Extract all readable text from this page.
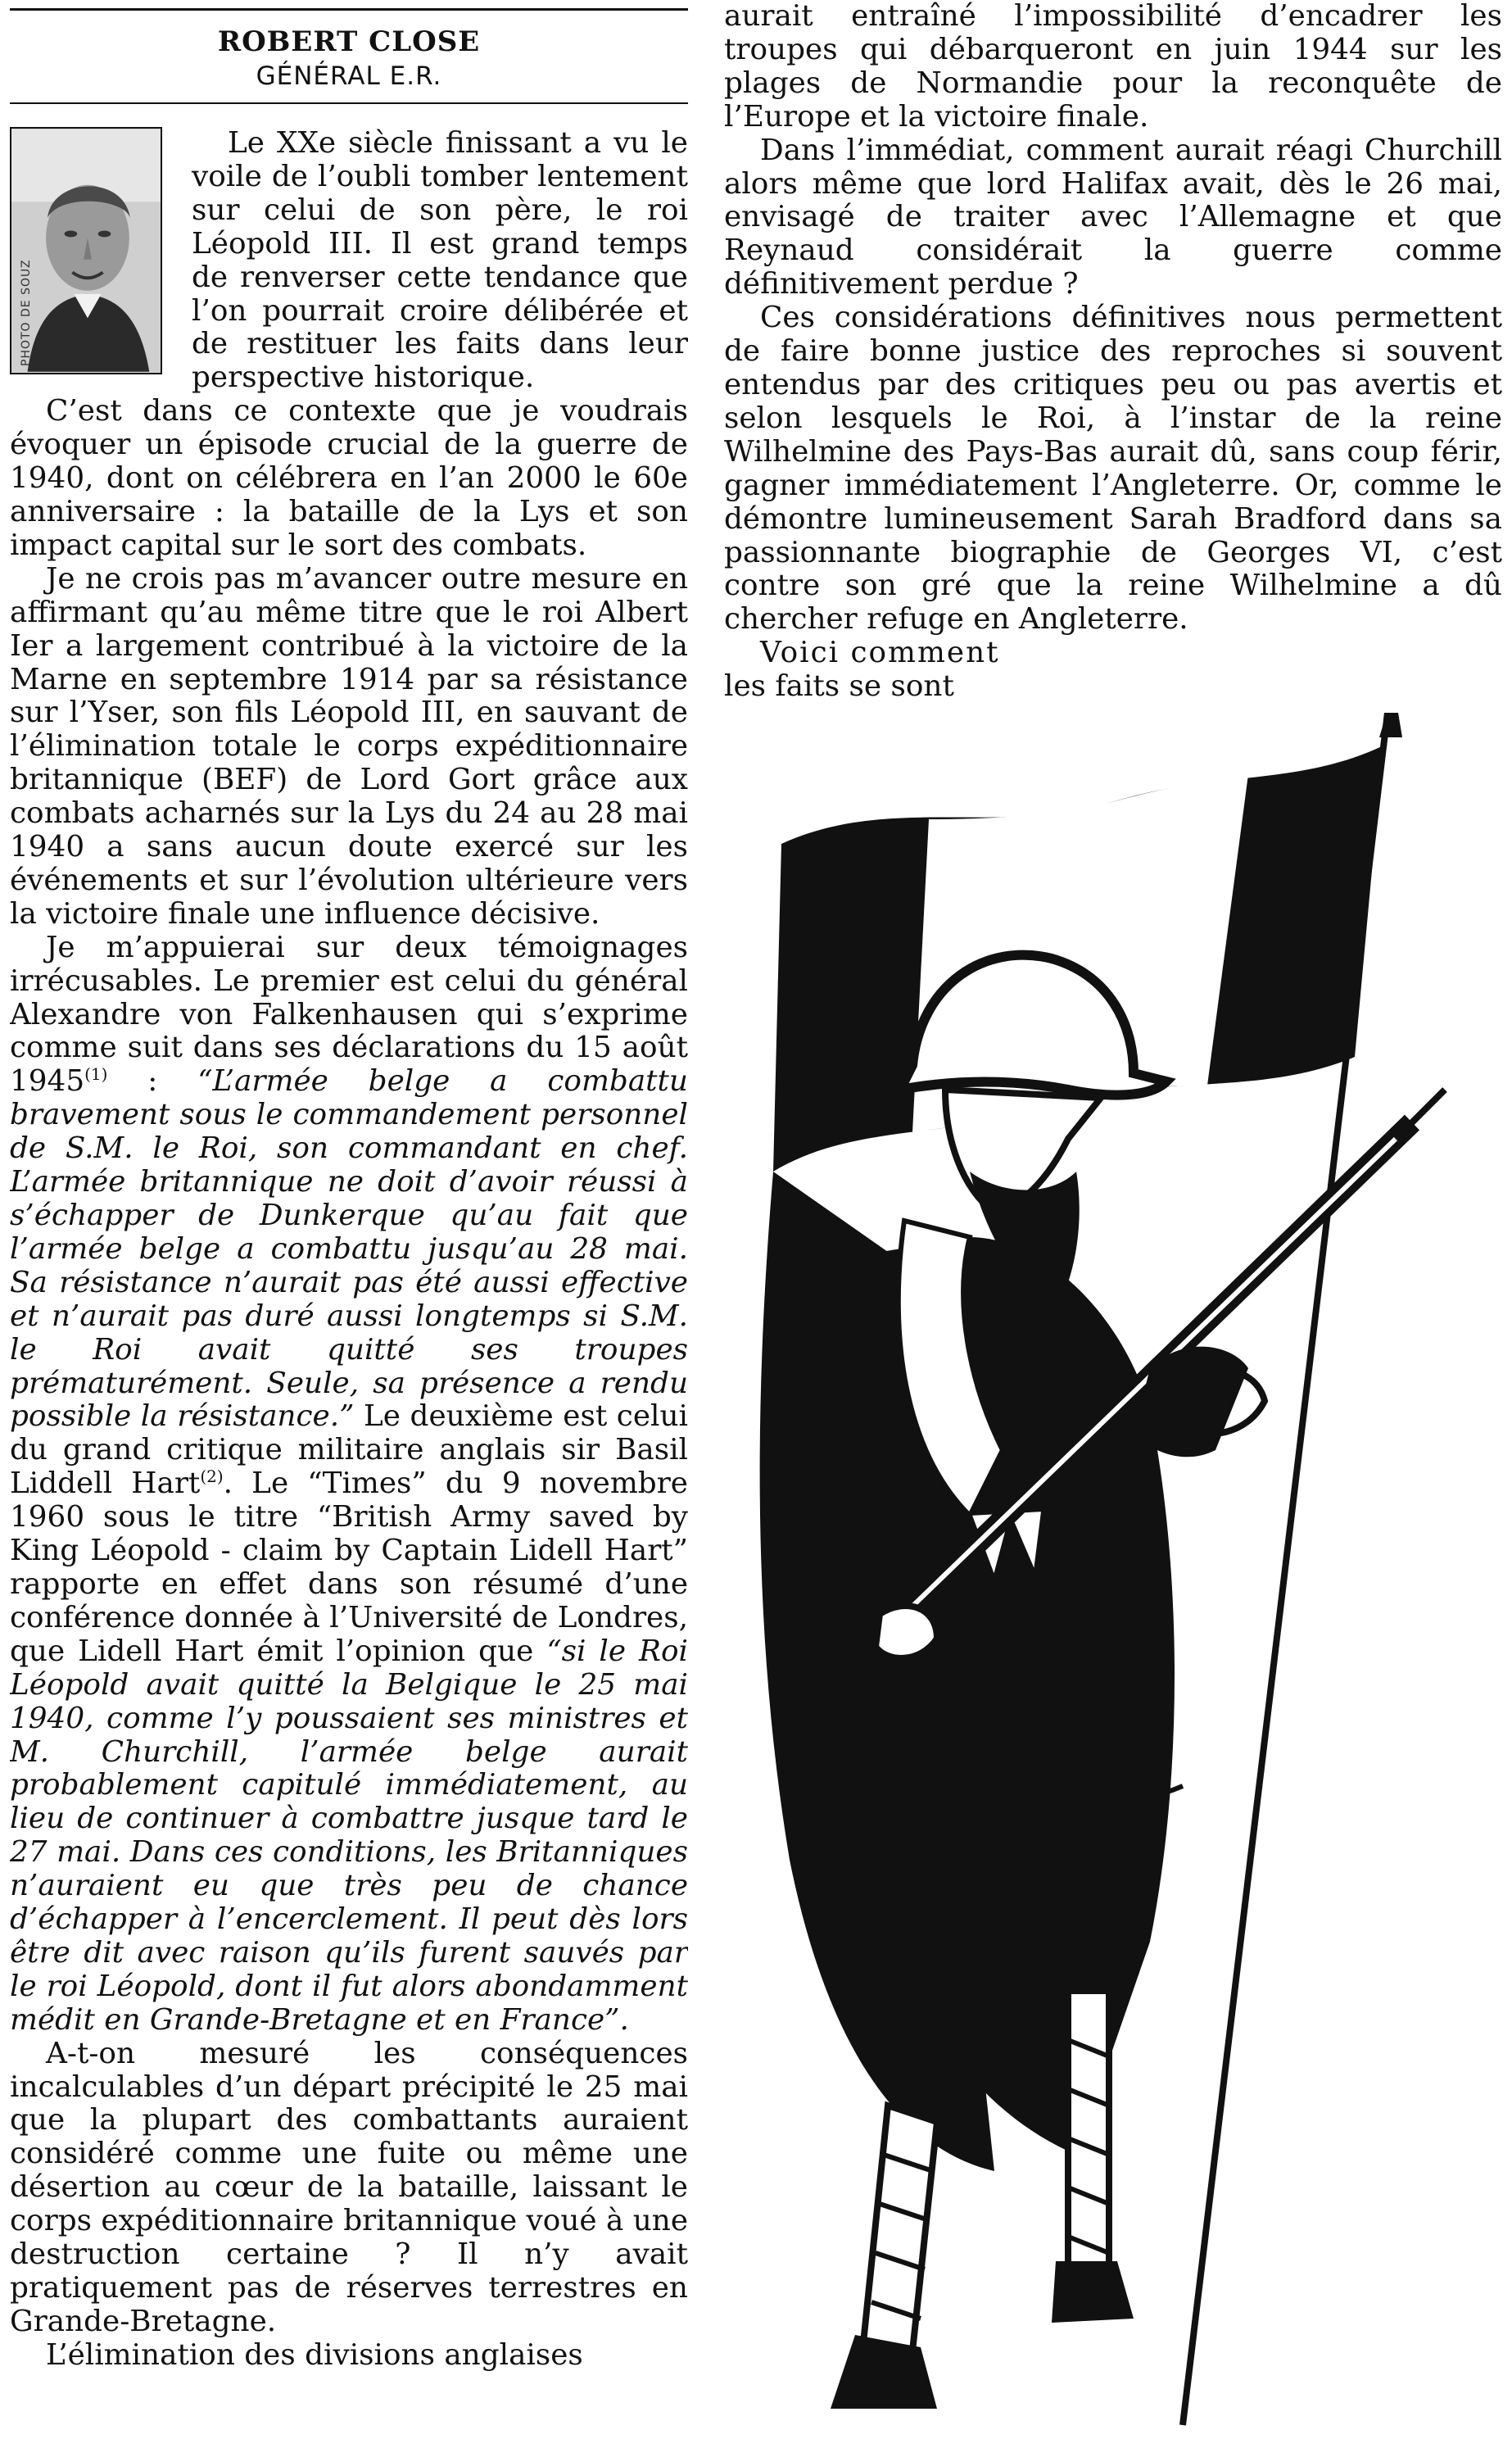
ROBERT CLOSE
GÉNÉRAL E.R.
PHOTO DE SOUZ

Le XXe siècle finissant a vu le voile de l’oubli tomber lentement sur celui de son père, le roi Léopold III. Il est grand temps de renverser cette tendance que l’on pourrait croire délibérée et de restituer les faits dans leur perspective historique.

C’est dans ce contexte que je voudrais évoquer un épisode crucial de la guerre de 1940, dont on célébrera en l’an 2000 le 60e anniversaire : la bataille de la Lys et son impact capital sur le sort des combats.

Je ne crois pas m’avancer outre mesure en affirmant qu’au même titre que le roi Albert Ier a largement contribué à la victoire de la Marne en septembre 1914 par sa résistance sur l’Yser, son fils Léopold III, en sauvant de l’élimination totale le corps expéditionnaire britannique (BEF) de Lord Gort grâce aux combats acharnés sur la Lys du 24 au 28 mai 1940 a sans aucun doute exercé sur les événements et sur l’évolution ultérieure vers la victoire finale une influence décisive.

Je m’appuierai sur deux témoignages irrécusables. Le premier est celui du général Alexandre von Falkenhausen qui s’exprime comme suit dans ses déclarations du 15 août 1945$^{(1)}$ : “L’armée belge a combattu bravement sous le commandement personnel de S.M. le Roi, son commandant en chef. L’armée britannique ne doit d’avoir réussi à s’échapper de Dunkerque qu’au fait que l’armée belge a combattu jusqu’au 28 mai. Sa résistance n’aurait pas été aussi effective et n’aurait pas duré aussi longtemps si S.M. le Roi avait quitté ses troupes prématurément. Seule, sa présence a rendu possible la résistance.” Le deuxième est celui du grand critique militaire anglais sir Basil Liddell Hart$^{(2)}$. Le “Times” du 9 novembre 1960 sous le titre “British Army saved by King Léopold - claim by Captain Lidell Hart” rapporte en effet dans son résumé d’une conférence donnée à l’Université de Londres, que Lidell Hart émit l’opinion que “si le Roi Léopold avait quitté la Belgique le 25 mai 1940, comme l’y poussaient ses ministres et M. Churchill, l’armée belge aurait probablement capitulé immédiatement, au lieu de continuer à combattre jusque tard le 27 mai. Dans ces conditions, les Britanniques n’auraient eu que très peu de chance d’échapper à l’encerclement. Il peut dès lors être dit avec raison qu’ils furent sauvés par le roi Léopold, dont il fut alors abondamment médit en Grande-Bretagne et en France”.

A-t-on mesuré les conséquences incalculables d’un départ précipité le 25 mai que la plupart des combattants auraient considéré comme une fuite ou même une désertion au cœur de la bataille, laissant le corps expéditionnaire britannique voué à une destruction certaine ? Il n’y avait pratiquement pas de réserves terrestres en Grande-Bretagne.

L’élimination des divisions anglaises

aurait entraîné l’impossibilité d’encadrer les troupes qui débarqueront en juin 1944 sur les plages de Normandie pour la reconquête de l’Europe et la victoire finale.

Dans l’immédiat, comment aurait réagi Churchill alors même que lord Halifax avait, dès le 26 mai, envisagé de traiter avec l’Allemagne et que Reynaud considérait la guerre comme définitivement perdue ?

Ces considérations définitives nous permettent de faire bonne justice des reproches si souvent entendus par des critiques peu ou pas avertis et selon lesquels le Roi, à l’instar de la reine Wilhelmine des Pays-Bas aurait dû, sans coup férir, gagner immédiatement l’Angleterre. Or, comme le démontre lumineusement Sarah Bradford dans sa passionnante biographie de Georges VI, c’est contre son gré que la reine Wilhelmine a dû chercher refuge en Angleterre.

Voici comment

les faits se sont
